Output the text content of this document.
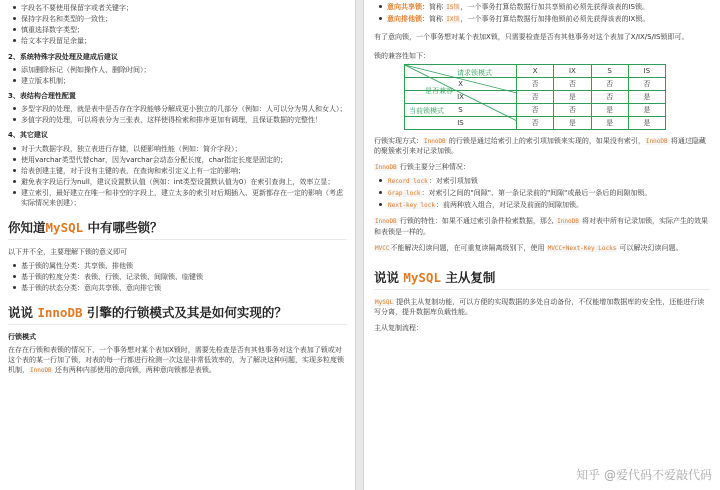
字段名不要使用保留字或者关键字；
保持字段名和类型的一致性；
慎重选择数字类型；
给文本字段留足余量；
2、系统特殊字段处理及建成后建议
添加删除标记（例如操作人、删除时间）；
建立版本机制；
3、表结构合理性配置
多型字段的处理，就是表中是否存在字段能够分解成更小独立的几部分（例如：人可以分为男人和女人）；
多值字段的处理，可以将表分为三张表，这样使得检索和排序更加有调理，且保证数据的完整性！
4、其它建议
对于大数据字段，独立表进行存储，以便影响性能（例如：简介字段）；
使用varchar类型代替char，因为varchar会动态分配长度，char指定长度是固定的；
给表创建主键，对于没有主键的表，在查询和索引定义上有一定的影响；
避免表字段运行为null，建议设置默认值（例如：int类型设置默认值为0）在索引查询上，效率立显；
建立索引，最好建立在唯一和非空的字段上，建立太多的索引对后期插入、更新都存在一定的影响（考虑实际情况来创建）；
你知道MySQL 中有哪些锁？
以下并不全，主要理解下锁的意义即可
基于锁的属性分类：共享锁、排他锁
基于锁的粒度分类：表锁、行锁、记录锁、间隙锁、临键锁
基于锁的状态分类：意向共享锁、意向排它锁
说说 InnoDB 引擎的行锁模式及其是如何实现的？
行锁模式
在存在行锁和表锁的情况下，一个事务想对某个表加X锁时，需要先检查是否有其他事务对这个表加了锁或对这个表的某一行加了锁，对表的每一行都进行检测一次这是非常低效率的，为了解决这种问题，实现多粒度锁机制，InnoDB 还有两种内部使用的意向锁，两种意向锁都是表锁。
意向共享锁：简称 IS锁，一个事务打算给数据行加共享锁前必须先获得该表的IS锁。
意向排他锁：简称 IX锁，一个事务打算给数据行加排他锁前必须先获得该表的IX锁。
有了意向锁，一个事务想对某个表加X锁，只需要检查是否有其他事务对这个表加了X/IX/S/IS锁即可。
锁的兼容性如下：
请求锁模式
是否兼容
当前锁模式	X	IX	S	IS
X	否	否	否	否
IX	否	是	否	是
S	否	否	是	是
IS	否	是	是	是
行锁实现方式：InnoDB 的行锁是通过给索引上的索引项加锁来实现的，如果没有索引，InnoDB 将通过隐藏的聚簇索引来对记录加锁。
InnoDB 行锁主要分三种情况：
Record lock：对索引项加锁
Grap lock：对索引之间的"间隙"、第一条记录前的"间隙"或最后一条后的间隙加锁。
Next-key lock：前两种放入组合，对记录及前面的间隙加锁。
InnoDB 行锁的特性：如果不通过索引条件检索数据，那么 InnoDB 将对表中所有记录加锁，实际产生的效果和表锁是一样的。
MVCC不能解决幻读问题，在可重复读隔离级别下，使用 MVCC+Next-Key Locks 可以解决幻读问题。
说说 MySQL 主从复制
MySQL 提供主从复制功能，可以方便的实现数据的多处自动备份，不仅能增加数据库的安全性，还能进行读写分离，提升数据库负载性能。
主从复制流程：
知乎 @爱代码不爱敲代码
